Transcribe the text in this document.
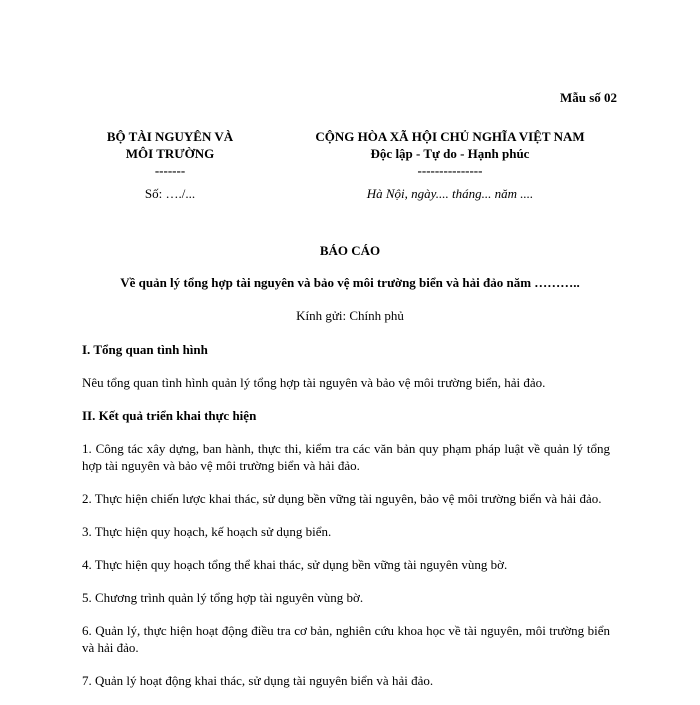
Mẫu số 02
BỘ TÀI NGUYÊN VÀ
MÔI TRƯỜNG
-------
Số: …./...
CỘNG HÒA XÃ HỘI CHỦ NGHĨA VIỆT NAM
Độc lập - Tự do - Hạnh phúc
---------------
Hà Nội, ngày.... tháng... năm ....
BÁO CÁO
Về quản lý tổng hợp tài nguyên và bảo vệ môi trường biển và hải đảo năm ………..
Kính gửi: Chính phủ

I. Tổng quan tình hình

Nêu tổng quan tình hình quản lý tổng hợp tài nguyên và bảo vệ môi trường biển, hải đảo.

II. Kết quả triển khai thực hiện

1. Công tác xây dựng, ban hành, thực thi, kiểm tra các văn bản quy phạm pháp luật về quản lý tổng hợp tài nguyên và bảo vệ môi trường biển và hải đảo.

2. Thực hiện chiến lược khai thác, sử dụng bền vững tài nguyên, bảo vệ môi trường biển và hải đảo.

3. Thực hiện quy hoạch, kế hoạch sử dụng biển.

4. Thực hiện quy hoạch tổng thể khai thác, sử dụng bền vững tài nguyên vùng bờ.

5. Chương trình quản lý tổng hợp tài nguyên vùng bờ.

6. Quản lý, thực hiện hoạt động điều tra cơ bản, nghiên cứu khoa học về tài nguyên, môi trường biển và hải đảo.

7. Quản lý hoạt động khai thác, sử dụng tài nguyên biển và hải đảo.
